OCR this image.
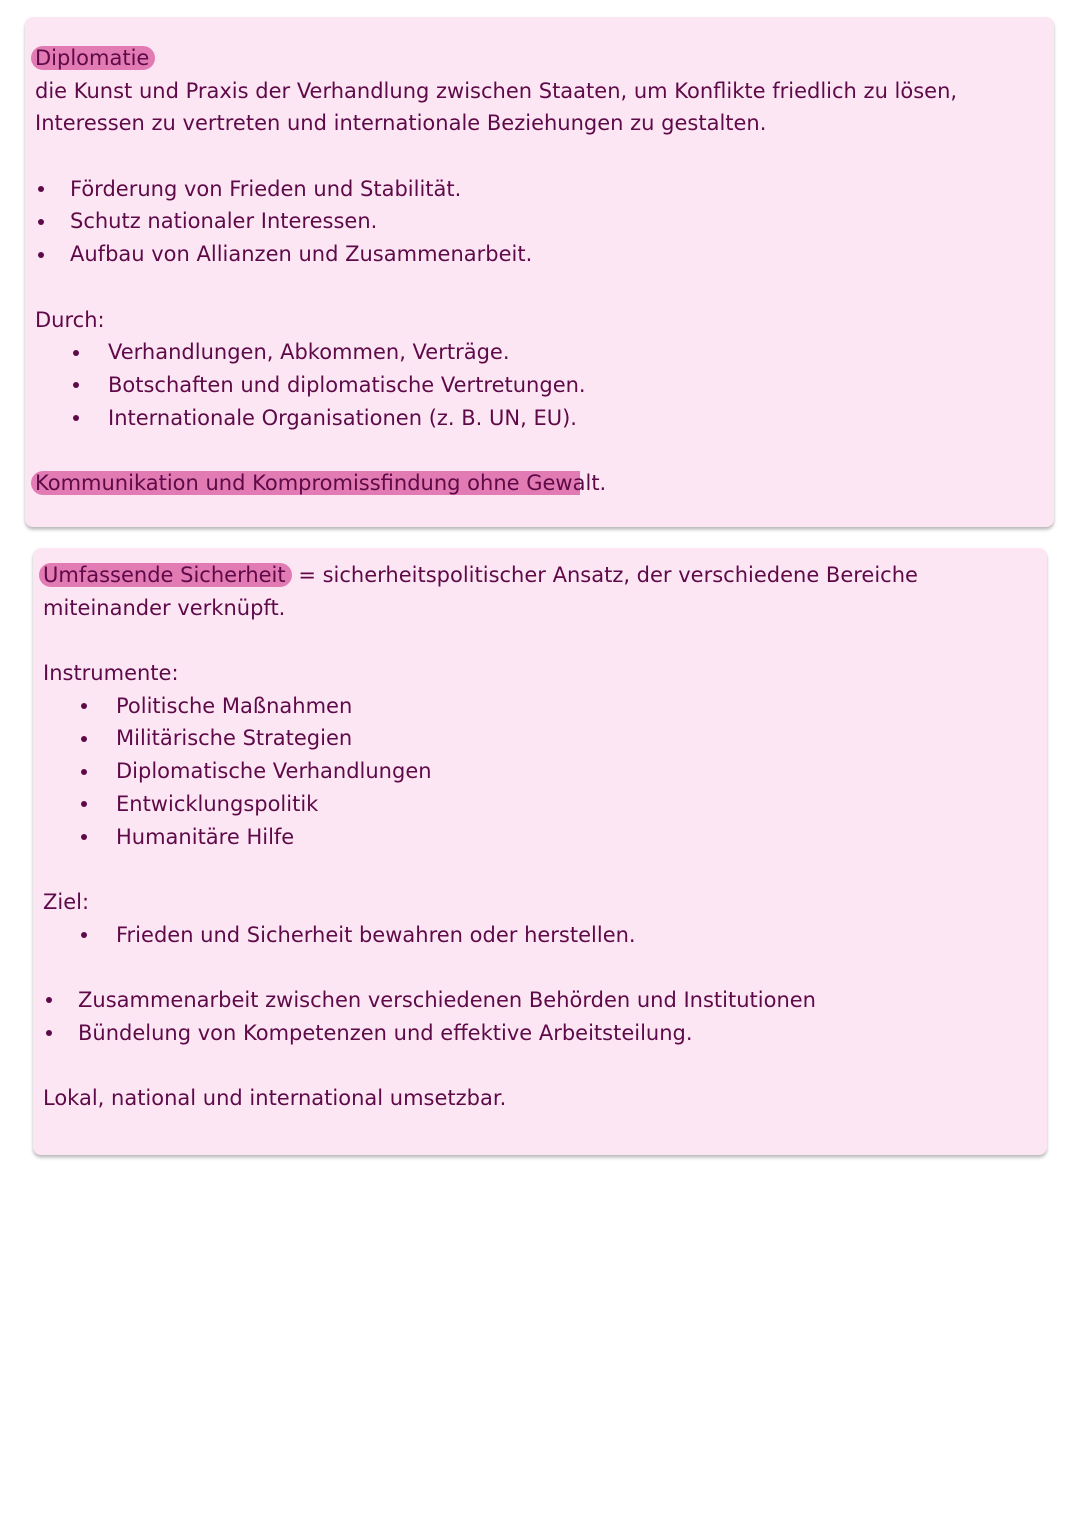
Diplomatie
die Kunst und Praxis der Verhandlung zwischen Staaten, um Konflikte friedlich zu lösen, Interessen zu vertreten und internationale Beziehungen zu gestalten.
Förderung von Frieden und Stabilität.
Schutz nationaler Interessen.
Aufbau von Allianzen und Zusammenarbeit.
Durch:
Verhandlungen, Abkommen, Verträge.
Botschaften und diplomatische Vertretungen.
Internationale Organisationen (z. B. UN, EU).
Kommunikation und Kompromissfindung ohne Gewalt.
Umfassende Sicherheit = sicherheitspolitischer Ansatz, der verschiedene Bereiche miteinander verknüpft.
Instrumente:
Politische Maßnahmen
Militärische Strategien
Diplomatische Verhandlungen
Entwicklungspolitik
Humanitäre Hilfe
Ziel:
Frieden und Sicherheit bewahren oder herstellen.
Zusammenarbeit zwischen verschiedenen Behörden und Institutionen
Bündelung von Kompetenzen und effektive Arbeitsteilung.
Lokal, national und international umsetzbar.
